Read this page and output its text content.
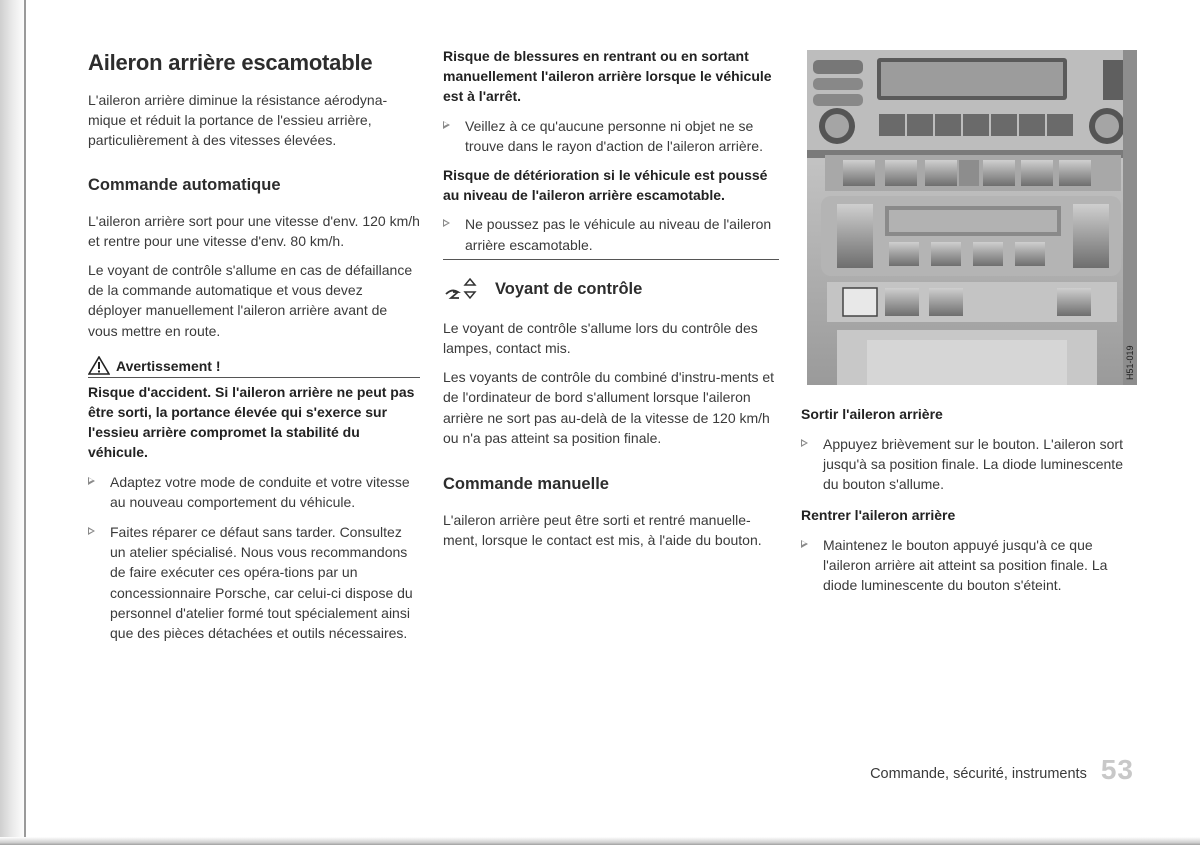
Aileron arrière escamotable

L'aileron arrière diminue la résistance aérodyna-mique et réduit la portance de l'essieu arrière, particulièrement à des vitesses élevées.

Commande automatique

L'aileron arrière sort pour une vitesse d'env. 120 km/h et rentre pour une vitesse d'env. 80 km/h.

Le voyant de contrôle s'allume en cas de défaillance de la commande automatique et vous devez déployer manuellement l'aileron arrière avant de vous mettre en route.

Avertissement !

Risque d'accident. Si l'aileron arrière ne peut pas être sorti, la portance élevée qui s'exerce sur l'essieu arrière compromet la stabilité du véhicule.

Adaptez votre mode de conduite et votre vitesse au nouveau comportement du véhicule.

Faites réparer ce défaut sans tarder. Consultez un atelier spécialisé. Nous vous recommandons de faire exécuter ces opéra-tions par un concessionnaire Porsche, car celui-ci dispose du personnel d'atelier formé tout spécialement ainsi que des pièces détachées et outils nécessaires.

Risque de blessures en rentrant ou en sortant manuellement l'aileron arrière lorsque le véhicule est à l'arrêt.

Veillez à ce qu'aucune personne ni objet ne se trouve dans le rayon d'action de l'aileron arrière.

Risque de détérioration si le véhicule est poussé au niveau de l'aileron arrière escamotable.

Ne poussez pas le véhicule au niveau de l'aileron arrière escamotable.

Voyant de contrôle

Le voyant de contrôle s'allume lors du contrôle des lampes, contact mis.

Les voyants de contrôle du combiné d'instru-ments et de l'ordinateur de bord s'allument lorsque l'aileron arrière ne sort pas au-delà de la vitesse de 120 km/h ou n'a pas atteint sa position finale.

Commande manuelle

L'aileron arrière peut être sorti et rentré manuelle-ment, lorsque le contact est mis, à l'aide du bouton.

H51-019
Sortir l'aileron arrière

Appuyez brièvement sur le bouton. L'aileron sort jusqu'à sa position finale. La diode luminescente du bouton s'allume.

Rentrer l'aileron arrière

Maintenez le bouton appuyé jusqu'à ce que l'aileron arrière ait atteint sa position finale. La diode luminescente du bouton s'éteint.

Commande, sécurité, instruments 53
